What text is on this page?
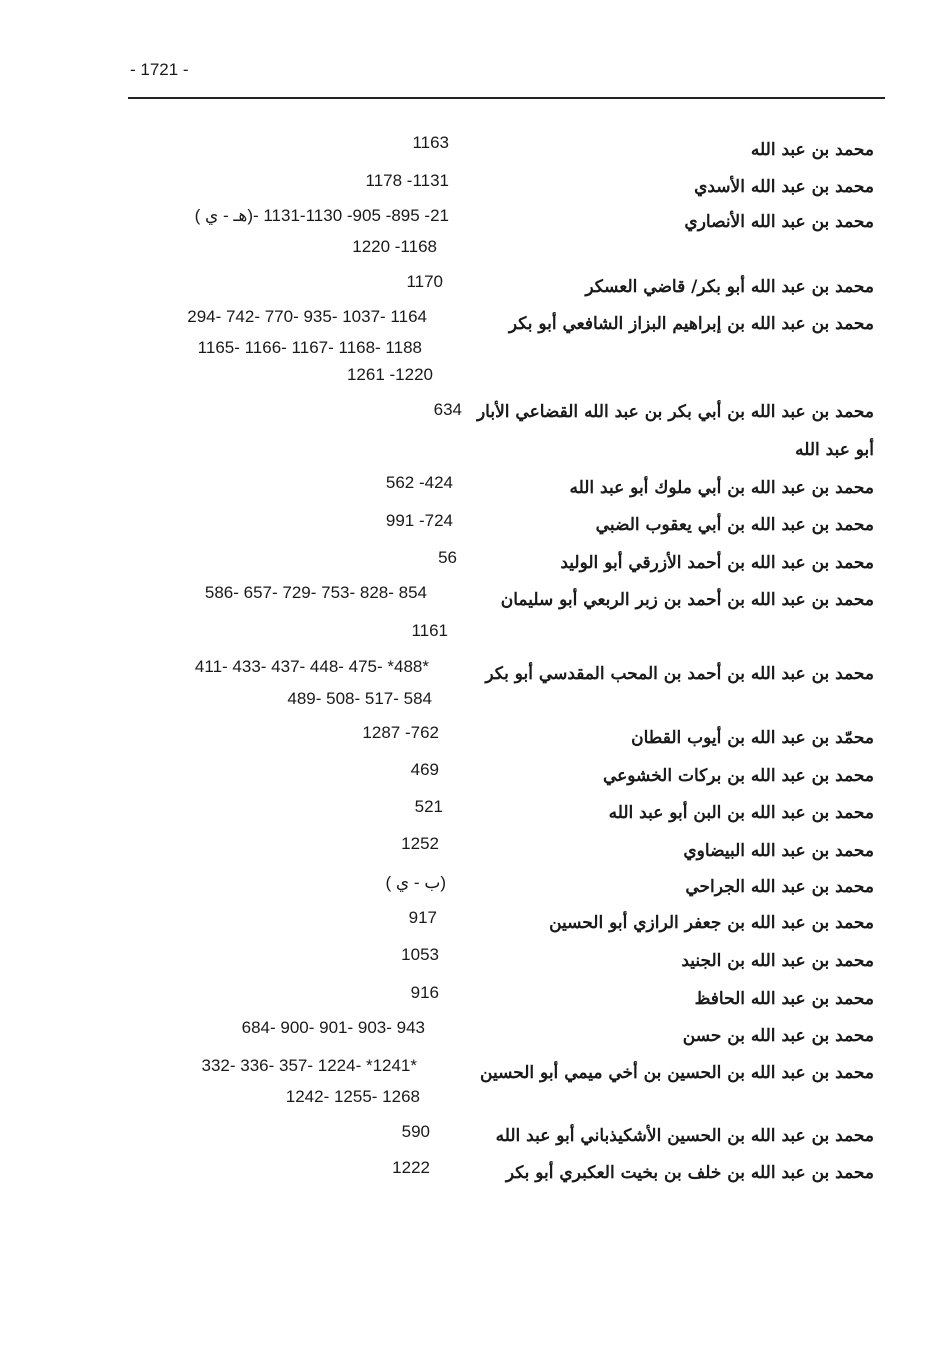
- 1721 -
محمد بن عبد الله
1163
محمد بن عبد الله الأسدي
1178 -1131
محمد بن عبد الله الأنصاري
( هـ - ي)- 21- 895- 905- 1130-1131
1220 -1168
محمد بن عبد الله أبو بكر/ قاضي العسكر
1170
محمد بن عبد الله بن إبراهيم البزاز الشافعي أبو بكر
294- 742- 770- 935- 1037- 1164
1165- 1166- 1167- 1168- 1188
1261 -1220
محمد بن عبد الله بن أبي بكر بن عبد الله القضاعي الأبار
634
أبو عبد الله
محمد بن عبد الله بن أبي ملوك أبو عبد الله
562 -424
محمد بن عبد الله بن أبي يعقوب الضبي
991 -724
محمد بن عبد الله بن أحمد الأزرقي أبو الوليد
56
محمد بن عبد الله بن أحمد بن زبر الربعي أبو سليمان
586- 657- 729- 753- 828- 854
1161
محمد بن عبد الله بن أحمد بن المحب المقدسي أبو بكر
411- 433- 437- 448- 475- *488*
489- 508- 517- 584
محمّد بن عبد الله بن أيوب القطان
1287 -762
محمد بن عبد الله بن بركات الخشوعي
469
محمد بن عبد الله بن البن أبو عبد الله
521
محمد بن عبد الله البيضاوي
1252
محمد بن عبد الله الجراحي
( ب - ي)
محمد بن عبد الله بن جعفر الرازي أبو الحسين
917
محمد بن عبد الله بن الجنيد
1053
محمد بن عبد الله الحافظ
916
محمد بن عبد الله بن حسن
684- 900- 901- 903- 943
محمد بن عبد الله بن الحسين بن أخي ميمي أبو الحسين
332- 336- 357- 1224- *1241*
1242- 1255- 1268
محمد بن عبد الله بن الحسين الأشكيذباني أبو عبد الله
590
محمد بن عبد الله بن خلف بن بخيت العكبري أبو بكر
1222
